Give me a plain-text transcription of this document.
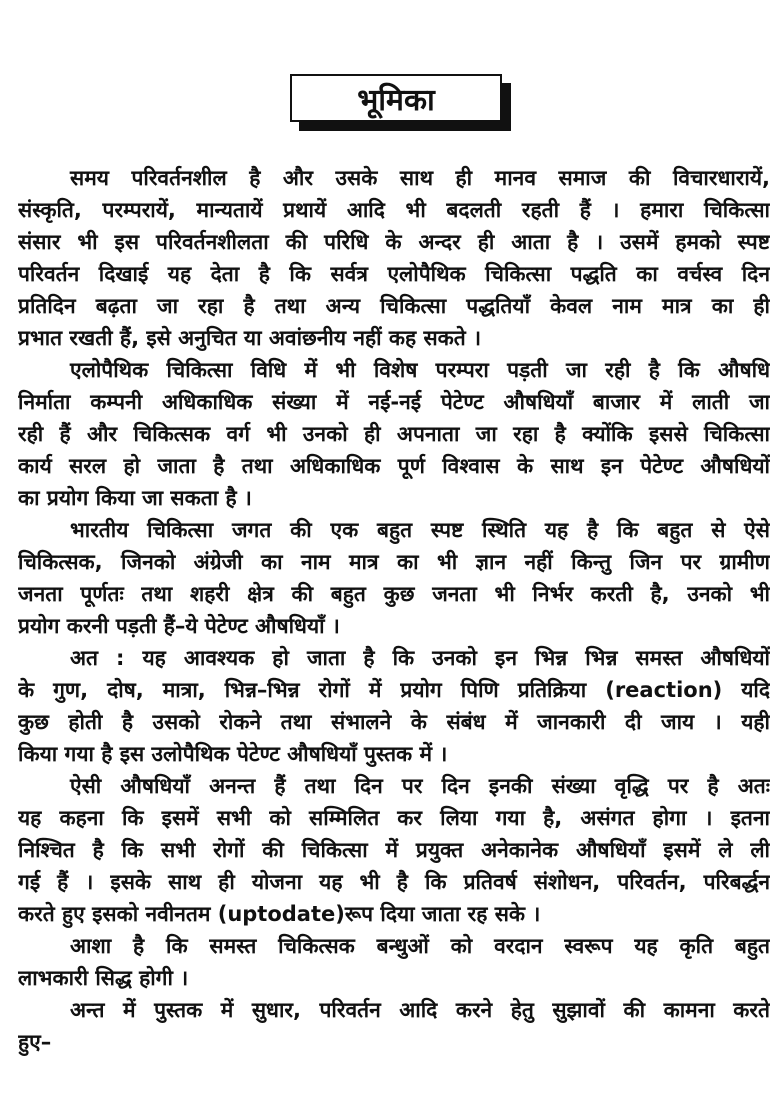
भूमिका
समय परिवर्तनशील है और उसके साथ ही मानव समाज की विचारधारायें,
संस्कृति, परम्परायें, मान्यतायें प्रथायें आदि भी बदलती रहती हैं । हमारा चिकित्सा
संसार भी इस परिवर्तनशीलता की परिधि के अन्दर ही आता है । उसमें हमको स्पष्ट
परिवर्तन दिखाई यह देता है कि सर्वत्र एलोपैथिक चिकित्सा पद्धति का वर्चस्व दिन
प्रतिदिन बढ़ता जा रहा है तथा अन्य चिकित्सा पद्धतियाँ केवल नाम मात्र का ही
प्रभात रखती हैं, इसे अनुचित या अवांछनीय नहीं कह सकते ।
एलोपैथिक चिकित्सा विधि में भी विशेष परम्परा पड़ती जा रही है कि औषधि
निर्माता कम्पनी अधिकाधिक संख्या में नई-नई पेटेण्ट औषधियाँ बाजार में लाती जा
रही हैं और चिकित्सक वर्ग भी उनको ही अपनाता जा रहा है क्योंकि इससे चिकित्सा
कार्य सरल हो जाता है तथा अधिकाधिक पूर्ण विश्वास के साथ इन पेटेण्ट औषधियों
का प्रयोग किया जा सकता है ।
भारतीय चिकित्सा जगत की एक बहुत स्पष्ट स्थिति यह है कि बहुत से ऐसे
चिकित्सक, जिनको अंग्रेजी का नाम मात्र का भी ज्ञान नहीं किन्तु जिन पर ग्रामीण
जनता पूर्णतः तथा शहरी क्षेत्र की बहुत कुछ जनता भी निर्भर करती है, उनको भी
प्रयोग करनी पड़ती हैं–ये पेटेण्ट औषधियाँ ।
अत : यह आवश्यक हो जाता है कि उनको इन भिन्न भिन्न समस्त औषधियों
के गुण, दोष, मात्रा, भिन्न–भिन्न रोगों में प्रयोग पिणि प्रतिक्रिया (reaction) यदि
कुछ होती है उसको रोकने तथा संभालने के संबंध में जानकारी दी जाय । यही
किया गया है इस उलोपैथिक पेटेण्ट औषधियाँ पुस्तक में ।
ऐसी औषधियाँ अनन्त हैं तथा दिन पर दिन इनकी संख्या वृद्धि पर है अतः
यह कहना कि इसमें सभी को सम्मिलित कर लिया गया है, असंगत होगा । इतना
निश्चित है कि सभी रोगों की चिकित्सा में प्रयुक्त अनेकानेक औषधियाँ इसमें ले ली
गई हैं । इसके साथ ही योजना यह भी है कि प्रतिवर्ष संशोधन, परिवर्तन, परिबर्द्धन
करते हुए इसको नवीनतम (uptodate)रूप दिया जाता रह सके ।
आशा है कि समस्त चिकित्सक बन्धुओं को वरदान स्वरूप यह कृति बहुत
लाभकारी सिद्ध होगी ।
अन्त में पुस्तक में सुधार, परिवर्तन आदि करने हेतु सुझावों की कामना करते
हुए–
